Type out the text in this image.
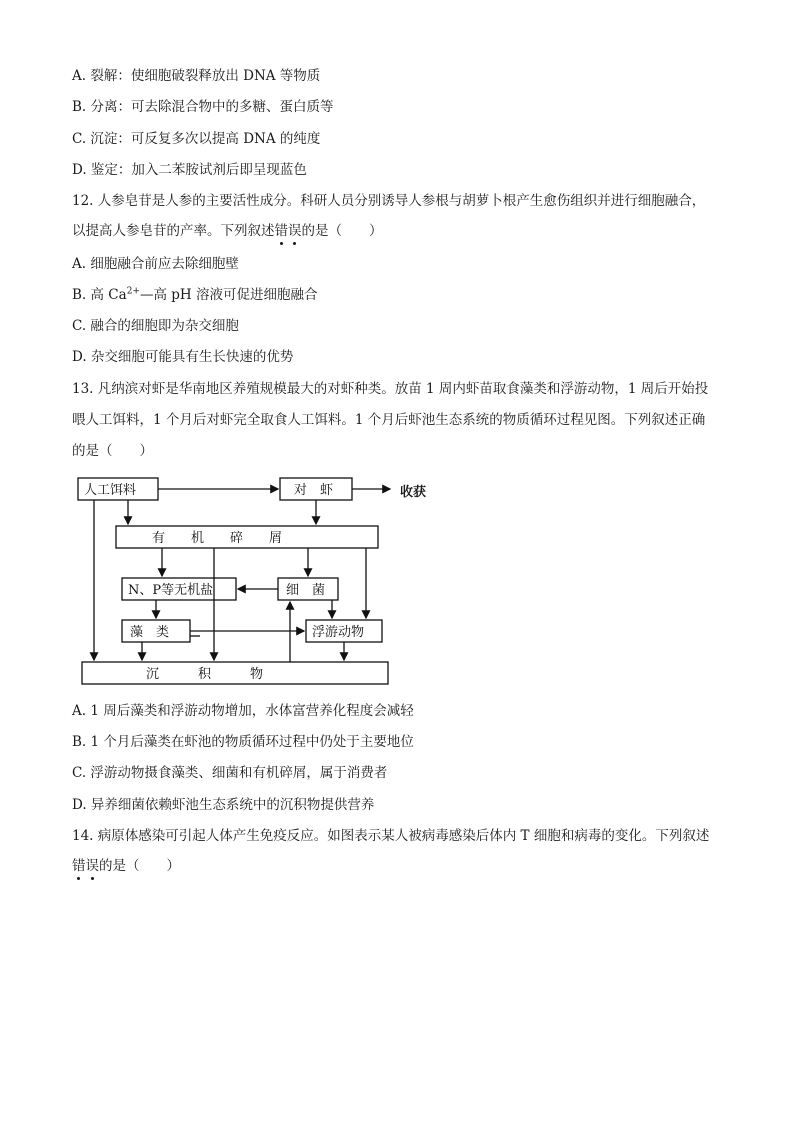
A. 裂解：使细胞破裂释放出 DNA 等物质
B. 分离：可去除混合物中的多糖、蛋白质等
C. 沉淀：可反复多次以提高 DNA 的纯度
D. 鉴定：加入二苯胺试剂后即呈现蓝色
12. 人参皂苷是人参的主要活性成分。科研人员分别诱导人参根与胡萝卜根产生愈伤组织并进行细胞融合，
以提高人参皂苷的产率。下列叙述错误
的是（　　）
A. 细胞融合前应去除细胞壁
B. 高 $Ca^{2+}—$高 pH 溶液可促进细胞融合
C. 融合的细胞即为杂交细胞
D. 杂交细胞可能具有生长快速的优势
13. 凡纳滨对虾是华南地区养殖规模最大的对虾种类。放苗 1 周内虾苗取食藻类和浮游动物，1 周后开始投
喂人工饵料，1 个月后对虾完全取食人工饵料。1 个月后虾池生态系统的物质循环过程见图。下列叙述正确
的是（　　）
人工饵料	对　虾
有　　机　　碎　　屑
N、P等无机盐	细　菌
藻　类	浮游动物
沉　　　积　　　物
收获
A. 1 周后藻类和浮游动物增加，水体富营养化程度会减轻
B. 1 个月后藻类在虾池的物质循环过程中仍处于主要地位
C. 浮游动物摄食藻类、细菌和有机碎屑，属于消费者
D. 异养细菌依赖虾池生态系统中的沉积物提供营养
14. 病原体感染可引起人体产生免疫反应。如图表示某人被病毒感染后体内 T 细胞和病毒的变化。下列叙述
错误
的是（　　）
